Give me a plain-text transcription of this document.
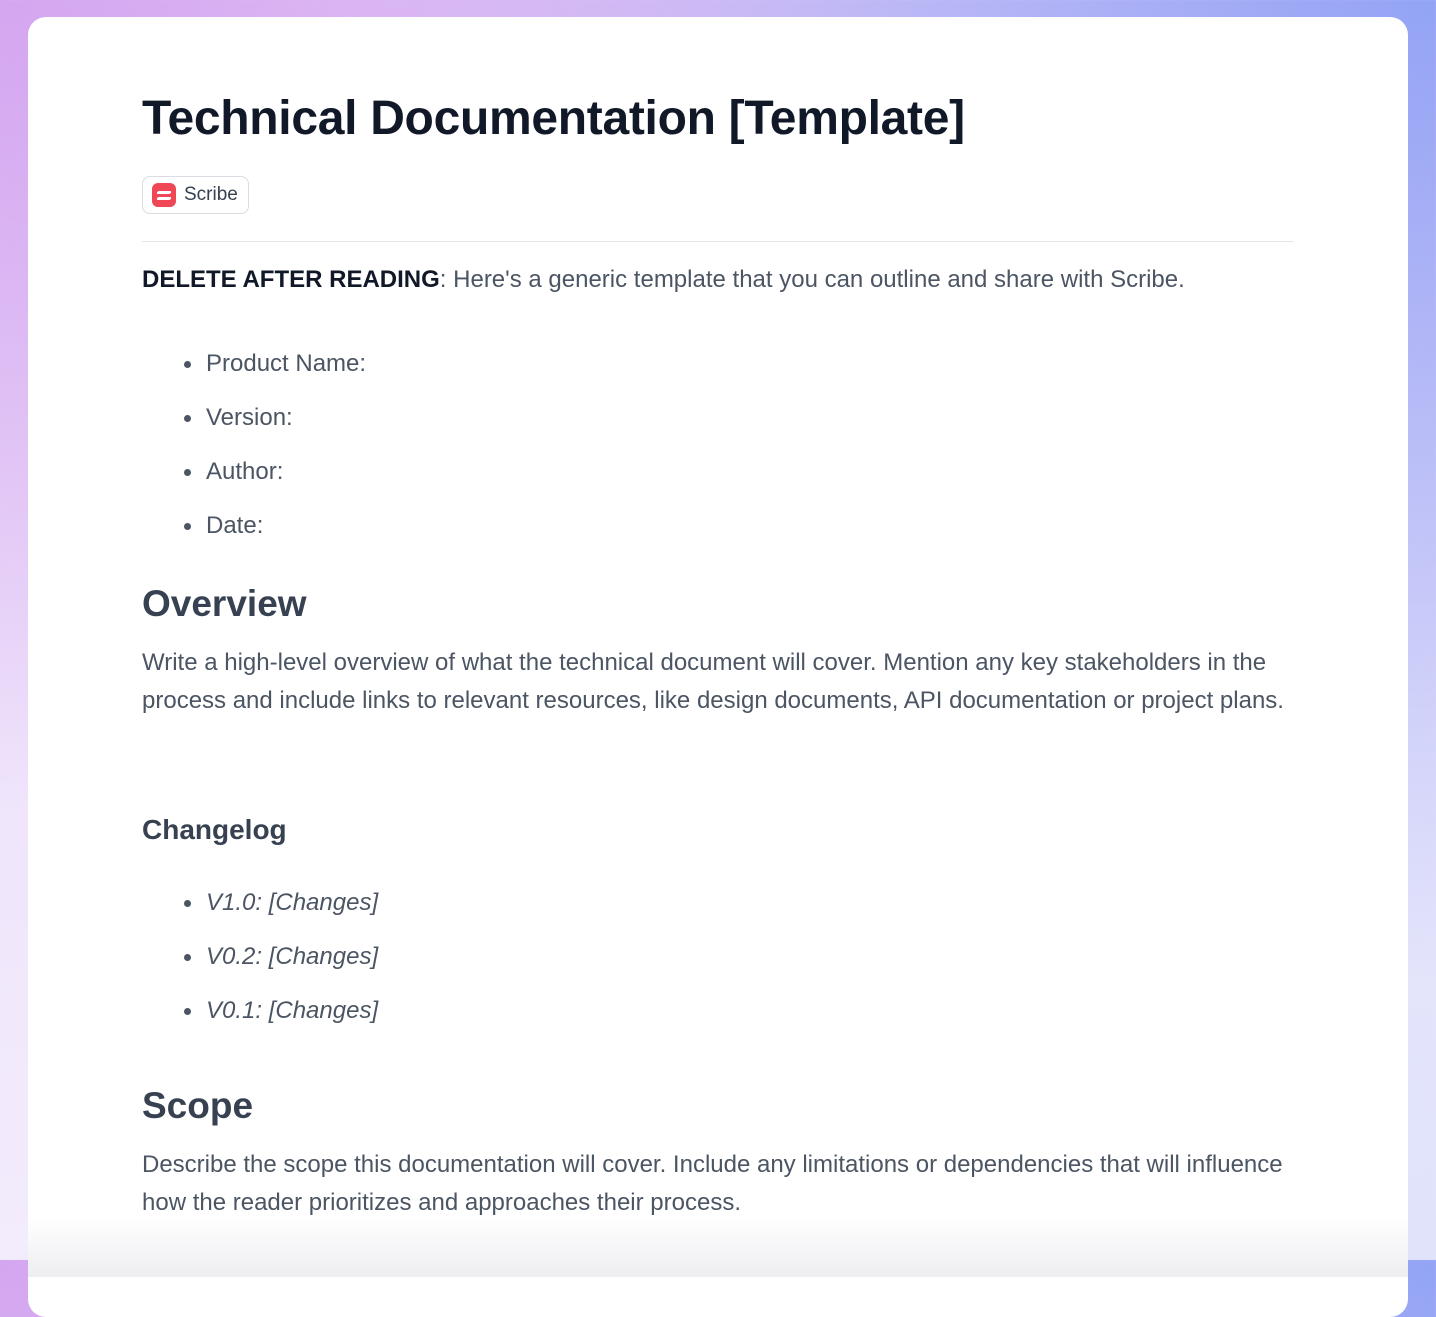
Technical Documentation [Template]
Scribe

DELETE AFTER READING: Here's a generic template that you can outline and share with Scribe.

Product Name:
Version:
Author:
Date:
Overview

Write a high-level overview of what the technical document will cover. Mention any key stakeholders in the process and include links to relevant resources, like design documents, API documentation or project plans.

Changelog
V1.0: [Changes]
V0.2: [Changes]
V0.1: [Changes]
Scope

Describe the scope this documentation will cover. Include any limitations or dependencies that will influence how the reader prioritizes and approaches their process.
